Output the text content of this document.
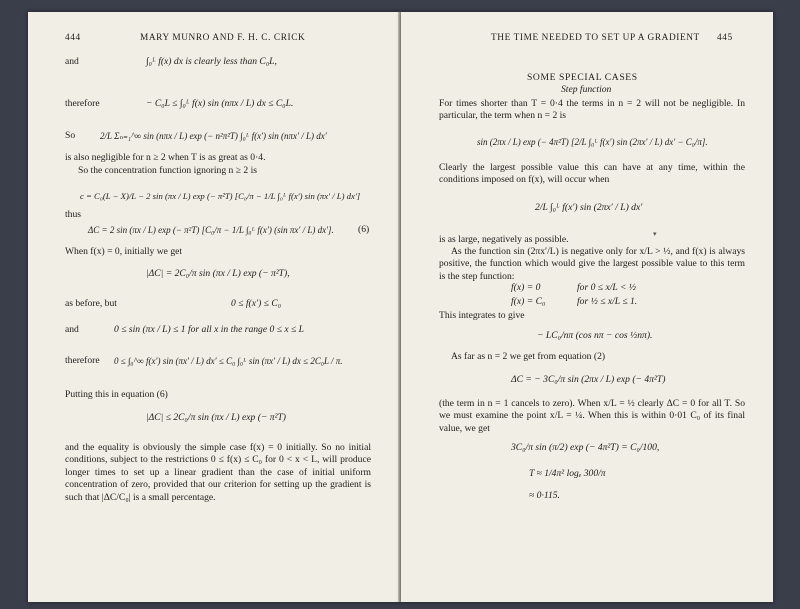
444	MARY MUNRO AND F. H. C. CRICK
and	∫₀ᴸ f(x) dx is clearly less than C₀L,
therefore	− C₀L ≤ ∫₀ᴸ f(x) sin (nπx / L) dx ≤ C₀L.
So	2/L Σₙ₌₁^∞ sin (nπx / L) exp (− n²π²T) ∫₀ᴸ f(x′) sin (nπx′ / L) dx′
is also negligible for n ≥ 2 when T is as great as 0·4.
So the concentration function ignoring n ≥ 2 is
c = C₀(L − X)/L − 2 sin (πx / L) exp (− π²T) [C₀/π − 1/L ∫₀ᴸ f(x′) sin (πx′ / L) dx′]
thus
ΔC = 2 sin (πx / L) exp (− π²T) [C₀/π − 1/L ∫₀ᴸ f(x′) (sin πx′ / L) dx′].	(6)
When f(x) = 0, initially we get
|ΔC| = 2C₀/π sin (πx / L) exp (− π²T),
as before, but	0 ≤ f(x′) ≤ C₀
and	0 ≤ sin (πx / L) ≤ 1 for all x in the range 0 ≤ x ≤ L
therefore 0 ≤ ∫₀^∞ f(x′) sin (πx′ / L) dx′ ≤ C₀ ∫₀ᴸ sin (πx′ / L) dx ≤ 2C₀L / π.
Putting this in equation (6)
|ΔC| ≤ 2C₀/π sin (πx / L) exp (− π²T)
and the equality is obviously the simple case f(x) = 0 initially. So no initial conditions, subject to the restrictions 0 ≤ f(x) ≤ C₀ for 0 < x < L, will produce longer times to set up a linear gradient than the case of initial uniform concentration of zero, provided that our criterion for setting up the gradient is such that |ΔC/C₀| is a small percentage.
THE TIME NEEDED TO SET UP A GRADIENT 445
SOME SPECIAL CASES
Step function
For times shorter than T = 0·4 the terms in n = 2 will not be negligible. In particular, the term when n = 2 is
sin (2πx / L) exp (− 4π²T) [2/L ∫₀ᴸ f(x′) sin (2πx′ / L) dx′ − C₀/π].
Clearly the largest possible value this can have at any time, within the conditions imposed on f(x), will occur when
2/L ∫₀ᴸ f(x′) sin (2πx′ / L) dx′
is as large, negatively as possible.	▾
As the function sin (2πx′/L) is negative only for x/L > ½, and f(x) is always positive, the function which would give the largest possible value to this term is the step function:
f(x) = 0	for 0 ≤ x/L < ½
f(x) = C₀	for ½ ≤ x/L ≤ 1.
This integrates to give
− LC₀/nπ (cos nπ − cos ½nπ).
As far as n = 2 we get from equation (2)
ΔC = − 3C₀/π sin (2πx / L) exp (− 4π²T)
(the term in n = 1 cancels to zero). When x/L = ½ clearly ΔC = 0 for all T. So we must examine the point x/L = ¼. When this is within 0·01 C₀ of its final value, we get
3C₀/π sin (π/2) exp (− 4π²T) = C₀/100,
T ≈ 1/4π² logₑ 300/π
≈ 0·115.
